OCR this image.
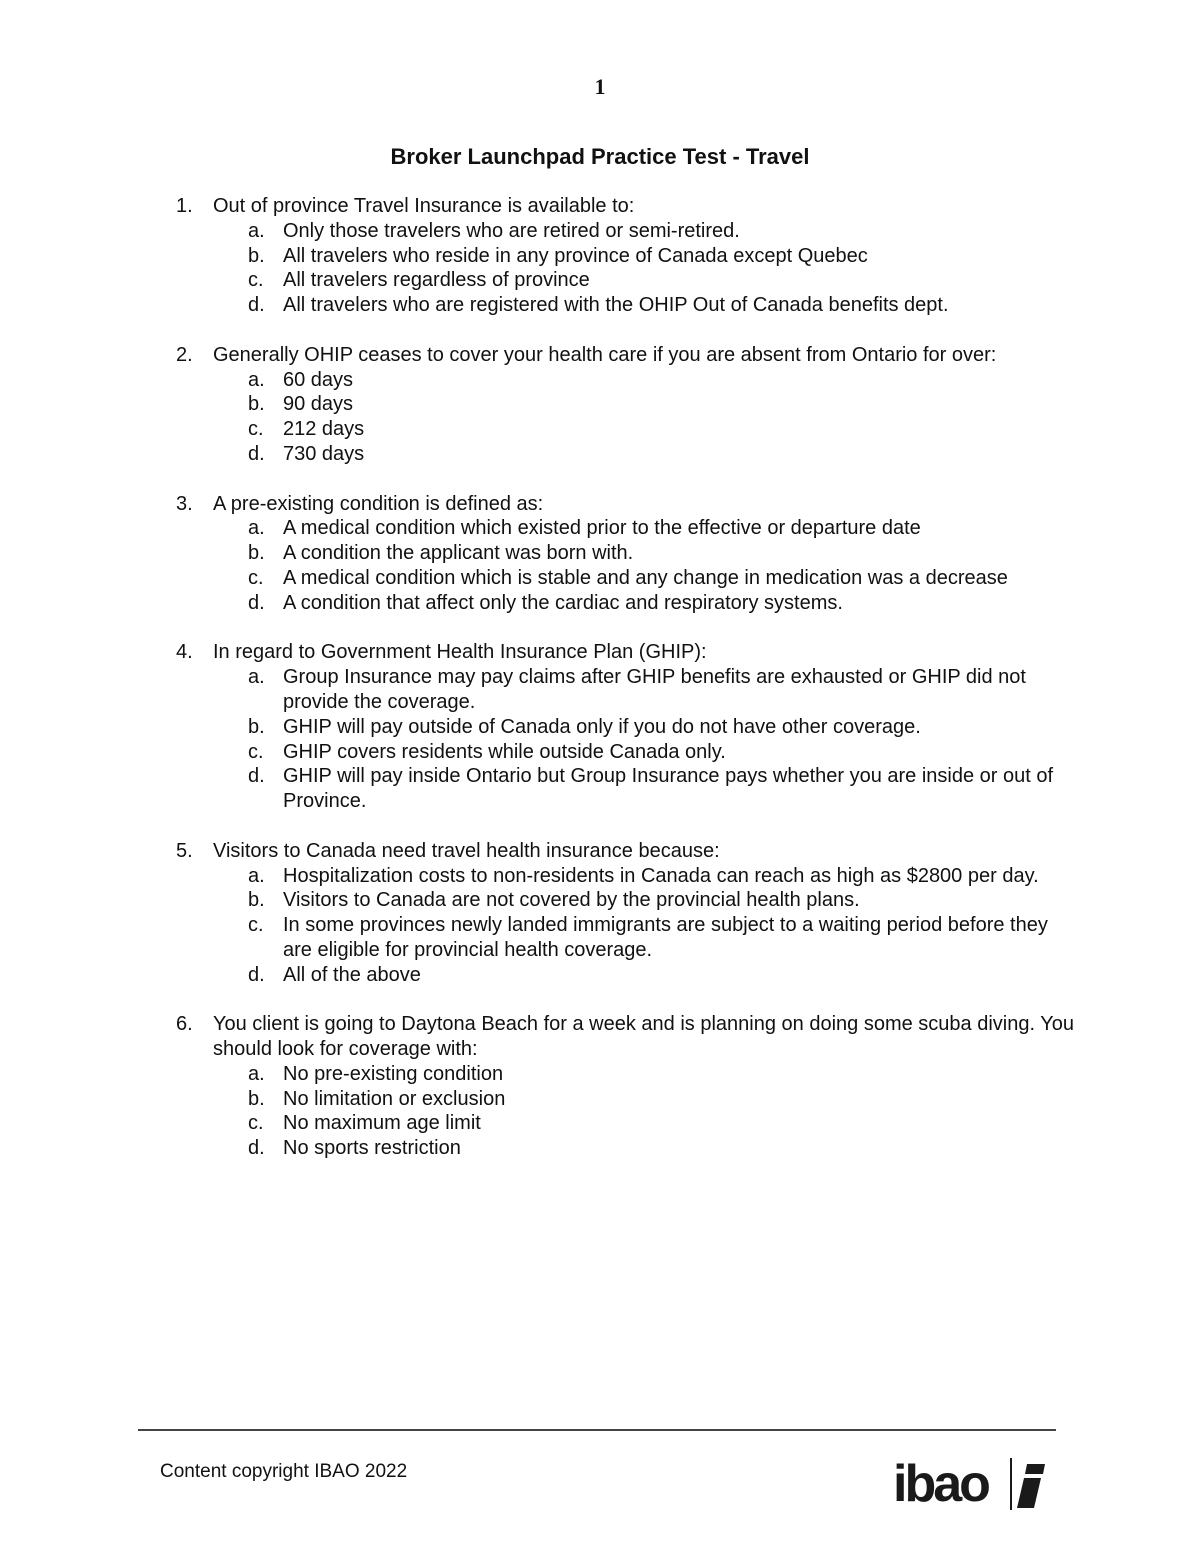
1
Broker Launchpad Practice Test - Travel
1.	Out of province Travel Insurance is available to:
a. Only those travelers who are retired or semi-retired.
b. All travelers who reside in any province of Canada except Quebec
c. All travelers regardless of province
d. All travelers who are registered with the OHIP Out of Canada benefits dept.
2.	Generally OHIP ceases to cover your health care if you are absent from Ontario for over:
a. 60 days
b. 90 days
c. 212 days
d. 730 days
3.	A pre-existing condition is defined as:
a. A medical condition which existed prior to the effective or departure date
b. A condition the applicant was born with.
c. A medical condition which is stable and any change in medication was a decrease
d. A condition that affect only the cardiac and respiratory systems.
4.	In regard to Government Health Insurance Plan (GHIP):
a. Group Insurance may pay claims after GHIP benefits are exhausted or GHIP did not provide the coverage.
b. GHIP will pay outside of Canada only if you do not have other coverage.
c. GHIP covers residents while outside Canada only.
d. GHIP will pay inside Ontario but Group Insurance pays whether you are inside or out of Province.
5.	Visitors to Canada need travel health insurance because:
a. Hospitalization costs to non-residents in Canada can reach as high as $2800 per day.
b. Visitors to Canada are not covered by the provincial health plans.
c. In some provinces newly landed immigrants are subject to a waiting period before they are eligible for provincial health coverage.
d. All of the above
6.	You client is going to Daytona Beach for a week and is planning on doing some scuba diving. You should look for coverage with:
a. No pre-existing condition
b. No limitation or exclusion
c. No maximum age limit
d. No sports restriction
Content copyright IBAO 2022	ibao
